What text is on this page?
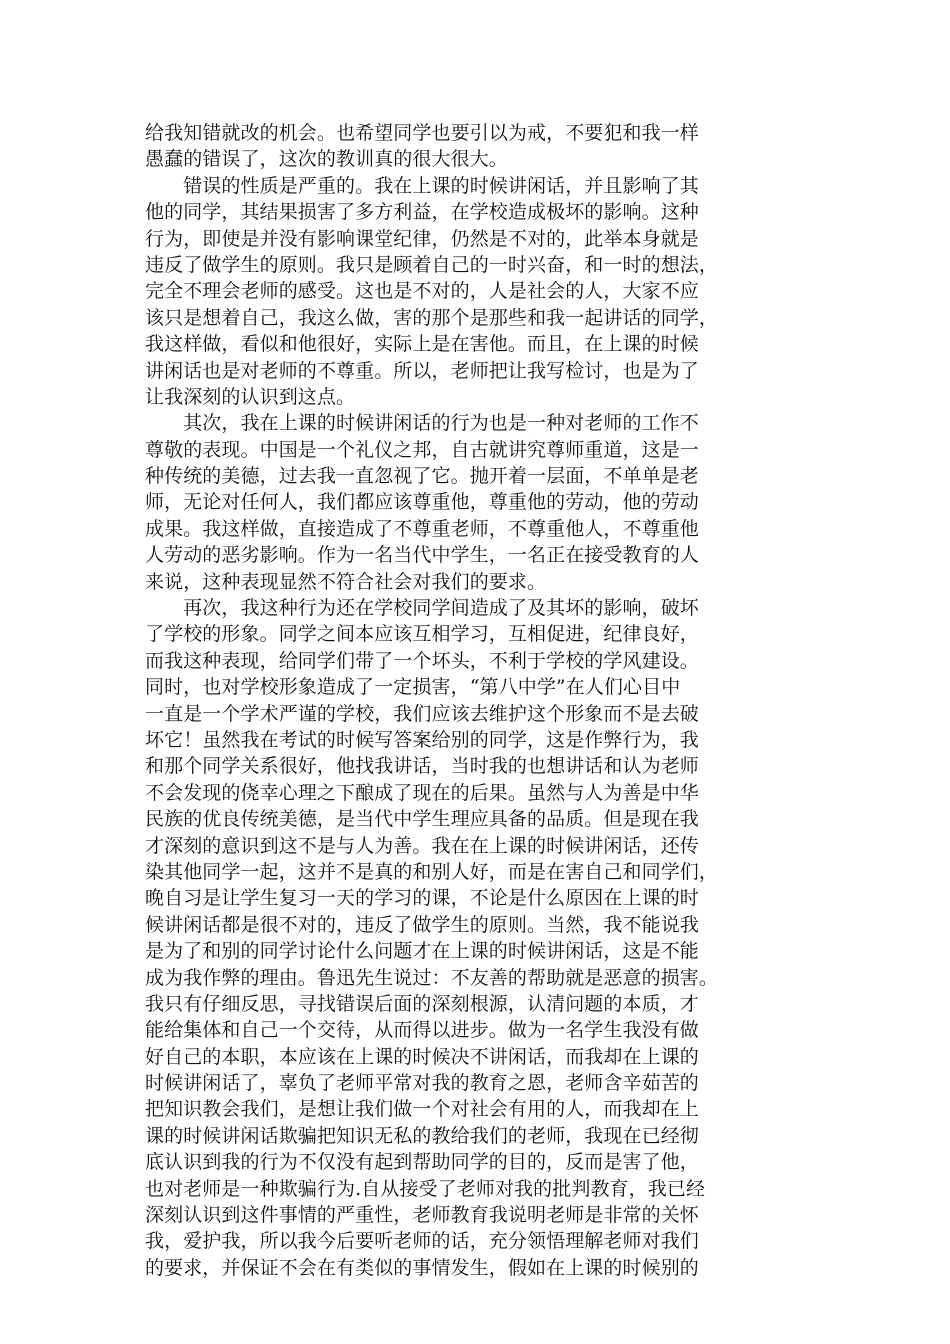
给我知错就改的机会。也希望同学也要引以为戒，不要犯和我一样
愚蠢的错误了，这次的教训真的很大很大。
　　错误的性质是严重的。我在上课的时候讲闲话，并且影响了其
他的同学，其结果损害了多方利益，在学校造成极坏的影响。这种
行为，即使是并没有影响课堂纪律，仍然是不对的，此举本身就是
违反了做学生的原则。我只是顾着自己的一时兴奋，和一时的想法，
完全不理会老师的感受。这也是不对的，人是社会的人，大家不应
该只是想着自己，我这么做，害的那个是那些和我一起讲话的同学，
我这样做，看似和他很好，实际上是在害他。而且，在上课的时候
讲闲话也是对老师的不尊重。所以，老师把让我写检讨，也是为了
让我深刻的认识到这点。
　　其次，我在上课的时候讲闲话的行为也是一种对老师的工作不
尊敬的表现。中国是一个礼仪之邦，自古就讲究尊师重道，这是一
种传统的美德，过去我一直忽视了它。抛开着一层面，不单单是老
师，无论对任何人，我们都应该尊重他，尊重他的劳动，他的劳动
成果。我这样做，直接造成了不尊重老师，不尊重他人，不尊重他
人劳动的恶劣影响。作为一名当代中学生，一名正在接受教育的人
来说，这种表现显然不符合社会对我们的要求。
　　再次，我这种行为还在学校同学间造成了及其坏的影响，破坏
了学校的形象。同学之间本应该互相学习，互相促进，纪律良好，
而我这种表现，给同学们带了一个坏头，不利于学校的学风建设。
同时，也对学校形象造成了一定损害，“第八中学”在人们心目中
一直是一个学术严谨的学校，我们应该去维护这个形象而不是去破
坏它！虽然我在考试的时候写答案给别的同学，这是作弊行为，我
和那个同学关系很好，他找我讲话，当时我的也想讲话和认为老师
不会发现的侥幸心理之下酿成了现在的后果。虽然与人为善是中华
民族的优良传统美德，是当代中学生理应具备的品质。但是现在我
才深刻的意识到这不是与人为善。我在在上课的时候讲闲话，还传
染其他同学一起，这并不是真的和别人好，而是在害自己和同学们，
晚自习是让学生复习一天的学习的课，不论是什么原因在上课的时
候讲闲话都是很不对的，违反了做学生的原则。当然，我不能说我
是为了和别的同学讨论什么问题才在上课的时候讲闲话，这是不能
成为我作弊的理由。鲁迅先生说过：不友善的帮助就是恶意的损害。
我只有仔细反思，寻找错误后面的深刻根源，认清问题的本质，才
能给集体和自己一个交待，从而得以进步。做为一名学生我没有做
好自己的本职，本应该在上课的时候决不讲闲话，而我却在上课的
时候讲闲话了，辜负了老师平常对我的教育之恩，老师含辛茹苦的
把知识教会我们，是想让我们做一个对社会有用的人，而我却在上
课的时候讲闲话欺骗把知识无私的教给我们的老师，我现在已经彻
底认识到我的行为不仅没有起到帮助同学的目的，反而是害了他，
也对老师是一种欺骗行为.自从接受了老师对我的批判教育，我已经
深刻认识到这件事情的严重性，老师教育我说明老师是非常的关怀
我，爱护我，所以我今后要听老师的话，充分领悟理解老师对我们
的要求，并保证不会在有类似的事情发生，假如在上课的时候别的
